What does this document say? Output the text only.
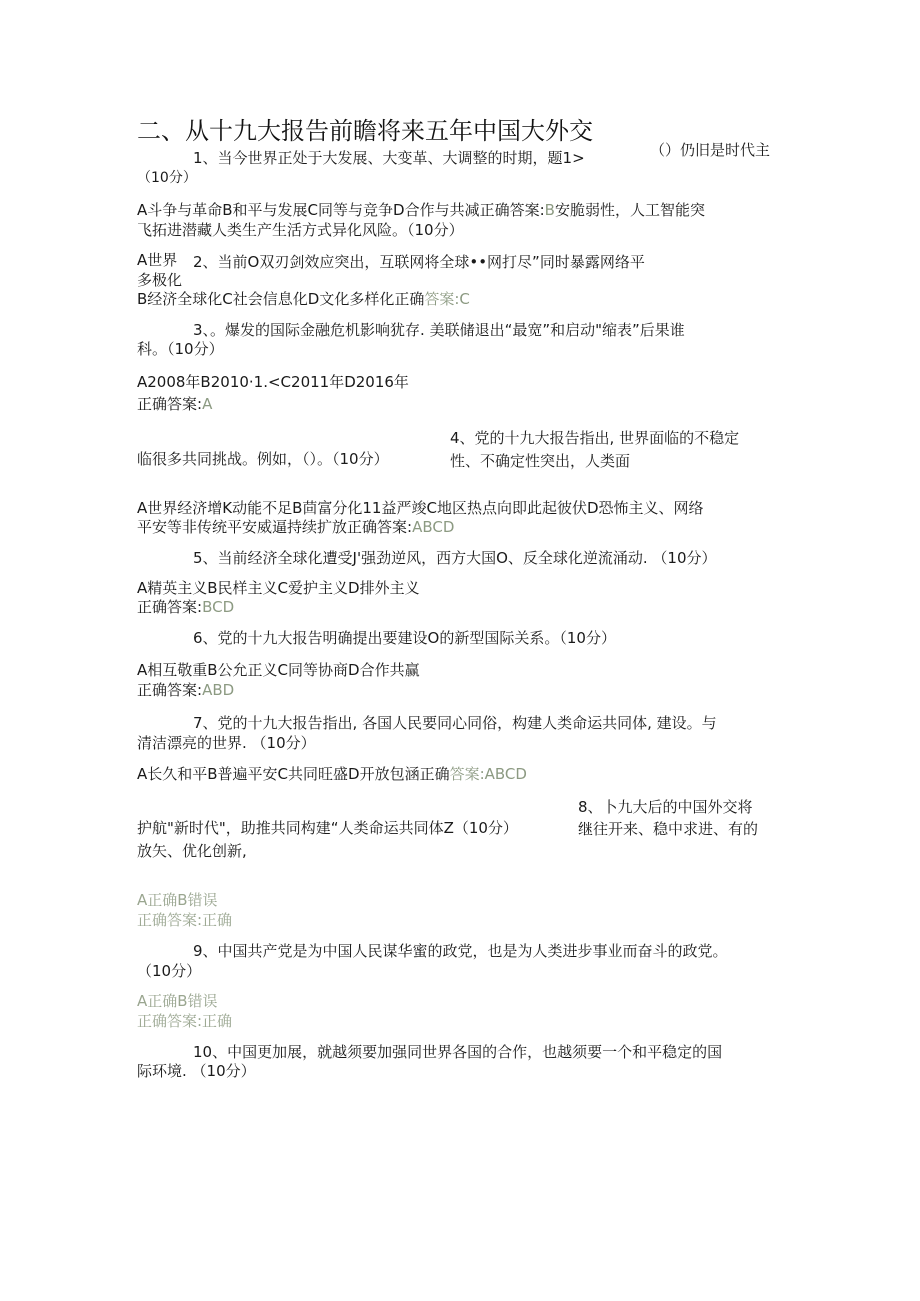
二、从十九大报告前瞻将来五年中国大外交
1、当今世界正处于大发展、大变革、大调整的时期，题1>	（）仍旧是时代主
（10分）
A斗争与革命B和平与发展C同等与竞争D合作与共减正确答案:B安脆弱性，人工智能突
飞拓进潜藏人类生产生活方式异化风险。（10分）
A世界 2、当前O双刃剑效应突出，互联网将全球••网打尽”同时暴露网络平
多极化
B经济全球化C社会信息化D文化多样化正确答案:C
3、。爆发的国际金融危机影响犹存. 美联储退出“最宽”和启动"缩表”后果谁
科。（10分）
A2008年B2010·1.<C2011年D2016年
正确答案:A
4、党的十九大报告指出, 世界面临的不稳定
临很多共同挑战。例如，（）。（10分）	性、不确定性突出，人类面
A世界经济增K动能不足B茴富分化11益严竣C地区热点向即此起彼伏D恐怖主义、网络
平安等非传统平安威逼持续扩放正确答案:ABCD
5、当前经济全球化遭受J'强劲逆风，西方大国O、反全球化逆流涌动. （10分）
A精英主义B民样主义C爱护主义D排外主义
正确答案:BCD
6、党的十九大报告明确提出要建设O的新型国际关系。（10分）
A相互敬重B公允正义C同等协商D合作共赢
正确答案:ABD
7、党的十九大报告指出, 各国人民要同心同俗，构建人类命运共同体, 建设。与
清洁漂亮的世界. （10分）
A长久和平B普遍平安C共同旺盛D开放包涵正确答案:ABCD
8、卜九大后的中国外交将
护航"新时代"，助推共同构建“人类命运共同体Z（10分）	继往开来、稳中求进、有的
放矢、优化创新,
A正确B错误
正确答案:正确
9、中国共产党是为中国人民谋华蜜的政党，也是为人类进步事业而奋斗的政党。
（10分）
A正确B错误
正确答案:正确
10、中国更加展，就越须要加强同世界各国的合作，也越须要一个和平稳定的国
际环境. （10分）
